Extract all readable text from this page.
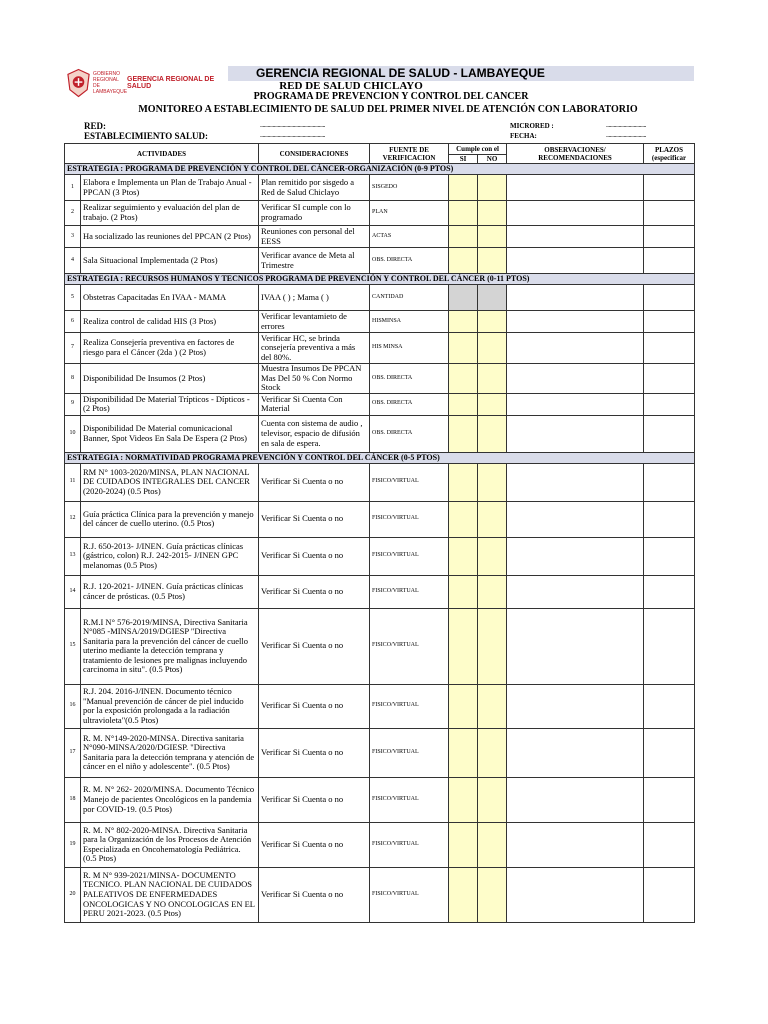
GOBIERNO REGIONAL DE LAMBAYEQUE
GERENCIA REGIONAL DE SALUD
GERENCIA REGIONAL DE SALUD - LAMBAYEQUE
RED DE SALUD CHICLAYO
PROGRAMA DE PREVENCION Y CONTROL DEL CANCER
MONITOREO A ESTABLECIMIENTO DE SALUD DEL PRIMER NIVEL DE ATENCIÓN CON LABORATORIO
RED:
ESTABLECIMIENTO SALUD:
....................................................
....................................................
MICRORED :
FECHA:
................................
................................
ACTIVIDADES		CONSIDERACIONES	FUENTE DE VERIFICACION	Cumple con el		OBSERVACIONES/ RECOMENDACIONES	PLAZOS (especificar
				SI	NO		
ESTRATEGIA : PROGRAMA DE PREVENCIÓN Y CONTROL DEL CÁNCER-ORGANIZACIÓN (0-9 PTOS)							
1	Elabora e Implementa un Plan de Trabajo Anual - PPCAN (3 Ptos)	Plan remitido por sisgedo a Red de Salud Chiclayo	SISGEDO				
2	Realizar seguimiento y evaluación del plan de trabajo. (2 Ptos)	Verificar SI cumple con lo programado	PLAN				
3	Ha socializado las reuniones del PPCAN (2 Ptos)	Reuniones con personal del EESS	ACTAS				
4	Sala Situacional Implementada (2 Ptos)	Verificar avance de Meta al Trimestre	OBS. DIRECTA				
ESTRATEGIA : RECURSOS HUMANOS Y TECNICOS PROGRAMA DE PREVENCIÓN Y CONTROL DEL CÁNCER (0-11 PTOS)							
5	Obstetras Capacitadas En IVAA - MAMA	IVAA ( ) ; Mama ( )	CANTIDAD				
6	Realiza control de calidad HIS (3 Ptos)	Verificar levantamieto de errores	HISMINSA				
7	Realiza Consejería preventiva en factores de riesgo para el Cáncer (2da ) (2 Ptos)	Verificar HC, se brinda consejería preventiva a más del 80%.	HIS MINSA				
8	Disponibilidad De Insumos (2 Ptos)	Muestra Insumos De PPCAN Mas Del 50 % Con Normo Stock	OBS. DIRECTA				
9	Disponibilidad De Material Trípticos - Dípticos - (2 Ptos)	Verificar Si Cuenta Con Material	OBS. DIRECTA				
10	Disponibilidad De Material comunicacional Banner, Spot Videos En Sala De Espera (2 Ptos)	Cuenta con sistema de audio , televisor, espacio de difusión en sala de espera.	OBS. DIRECTA				
ESTRATEGIA : NORMATIVIDAD PROGRAMA PREVENCIÓN Y CONTROL DEL CÁNCER (0-5 PTOS)							
11	RM N° 1003-2020/MINSA, PLAN NACIONAL DE CUIDADOS INTEGRALES DEL CANCER (2020-2024) (0.5 Ptos)	Verificar Si Cuenta o no	FISICO/VIRTUAL				
12	Guía práctica Clínica para la prevención y manejo del cáncer de cuello uterino. (0.5 Ptos)	Verificar Si Cuenta o no	FISICO/VIRTUAL				
13	R.J. 650-2013- J/INEN. Guía prácticas clínicas (gástrico, colon) R.J. 242-2015- J/INEN GPC melanomas (0.5 Ptos)	Verificar Si Cuenta o no	FISICO/VIRTUAL				
14	R.J. 120-2021- J/INEN. Guía prácticas clínicas cáncer de prósticas. (0.5 Ptos)	Verificar Si Cuenta o no	FISICO/VIRTUAL				
15	R.M.I N° 576-2019/MINSA, Directiva Sanitaria N°085 -MINSA/2019/DGIESP "Directiva Sanitaria para la prevención del cáncer de cuello uterino mediante la detección temprana y tratamiento de lesiones pre malignas incluyendo carcinoma in situ". (0.5 Ptos)	Verificar Si Cuenta o no	FISICO/VIRTUAL				
16	R.J. 204. 2016-J/INEN. Documento técnico "Manual prevención de cáncer de piel inducido por la exposición prolongada a la radiación ultravioleta"(0.5 Ptos)	Verificar Si Cuenta o no	FISICO/VIRTUAL				
17	R. M. N°149-2020-MINSA. Directiva sanitaria N°090-MINSA/2020/DGIESP. "Directiva Sanitaria para la detección temprana y atención de cáncer en el niño y adolescente". (0.5 Ptos)	Verificar Si Cuenta o no	FISICO/VIRTUAL				
18	R. M. N° 262- 2020/MINSA. Documento Técnico Manejo de pacientes Oncológicos en la pandemia por COVID-19. (0.5 Ptos)	Verificar Si Cuenta o no	FISICO/VIRTUAL				
19	R. M. N° 802-2020-MINSA. Directiva Sanitaria para la Organización de los Procesos de Atención Especializada en Oncohematología Pediátrica. (0.5 Ptos)	Verificar Si Cuenta o no	FISICO/VIRTUAL				
20	R. M N° 939-2021/MINSA- DOCUMENTO TECNICO. PLAN NACIONAL DE CUIDADOS PALEATIVOS DE ENFERMEDADES ONCOLOGICAS Y NO ONCOLOGICAS EN EL PERU 2021-2023. (0.5 Ptos)	Verificar Si Cuenta o no	FISICO/VIRTUAL				
